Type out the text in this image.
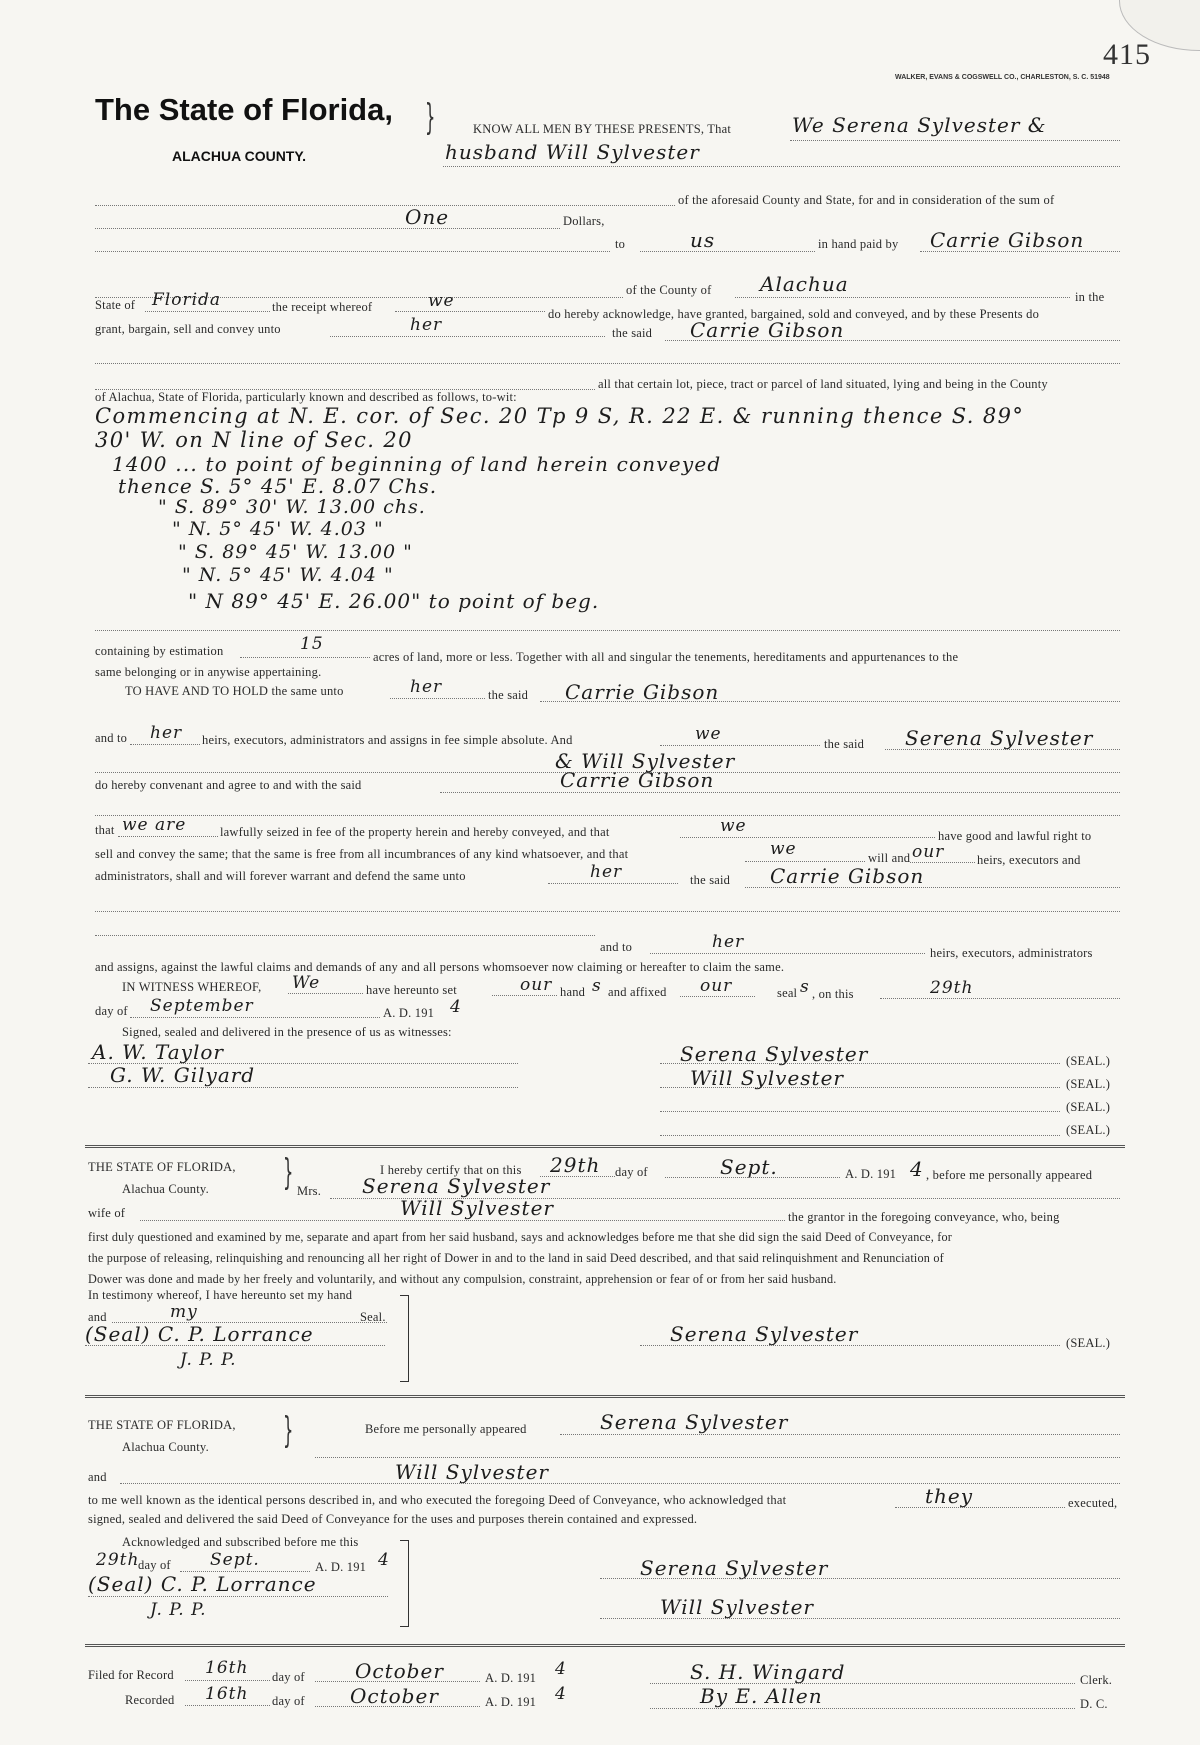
415
WALKER, EVANS & COGSWELL CO., CHARLESTON, S. C. 51948
The State of Florida,
ALACHUA COUNTY.
}	KNOW ALL MEN BY THESE PRESENTS, That	We Serena Sylvester &
husband Will Sylvester
of the aforesaid County and State, for and in consideration of the sum of
One	Dollars,
to	us	in hand paid by Carrie Gibson
of the County of Alachua
in the
State of Florida	the receipt whereof	we
do hereby acknowledge, have granted, bargained, sold and conveyed, and by these Presents do
grant, bargain, sell and convey unto	her	the said Carrie Gibson
all that certain lot, piece, tract or parcel of land situated, lying and being in the County
of Alachua, State of Florida, particularly known and described as follows, to-wit:
Commencing at N. E. cor. of Sec. 20 Tp 9 S, R. 22 E. & running thence S. 89°
30' W. on N line of Sec. 20
1400 ... to point of beginning of land herein conveyed
thence S. 5° 45' E. 8.07 Chs.
" S. 89° 30' W. 13.00 chs.
" N. 5° 45' W. 4.03 "
" S. 89° 45' W. 13.00 "
" N. 5° 45' W. 4.04 "
" N 89° 45' E. 26.00" to point of beg.
containing by estimation	15
acres of land, more or less. Together with all and singular the tenements, hereditaments and appurtenances to the
same belonging or in anywise appertaining.
TO HAVE AND TO HOLD the same unto	her	the said Carrie Gibson
and to her heirs, executors, administrators and assigns in fee simple absolute. And	we	the said Serena Sylvester
& Will Sylvester
do hereby convenant and agree to and with the said	Carrie Gibson
that we are	lawfully seized in fee of the property herein and hereby conveyed, and that	we	have good and lawful right to
sell and convey the same; that the same is free from all incumbrances of any kind whatsoever, and that	we	will and our	heirs, executors and
administrators, shall and will forever warrant and defend the same unto	her	the said Carrie Gibson
and to	her
heirs, executors, administrators
and assigns, against the lawful claims and demands of any and all persons whomsoever now claiming or hereafter to claim the same.
IN WITNESS WHEREOF, We	have hereunto set	our hand s and affixed our	seal s , on this	29th
day of September	A. D. 191 4
Signed, sealed and delivered in the presence of us as witnesses:
A. W. Taylor
G. W. Gilyard
Serena Sylvester	(SEAL.)
Will Sylvester	(SEAL.)
(SEAL.)
(SEAL.)
THE STATE OF FLORIDA,
Alachua County. }	I hereby certify that on this 29th day of	Sept.	A. D. 191 4 , before me personally appeared
Mrs. Serena Sylvester
wife of	Will Sylvester	the grantor in the foregoing conveyance, who, being
first duly questioned and examined by me, separate and apart from her said husband, says and acknowledges before me that she did sign the said Deed of Conveyance, for
the purpose of releasing, relinquishing and renouncing all her right of Dower in and to the land in said Deed described, and that said relinquishment and Renunciation of
Dower was done and made by her freely and voluntarily, and without any compulsion, constraint, apprehension or fear of or from her said husband.
In testimony whereof, I have hereunto set my hand
and	my	Seal.
(Seal) C. P. Lorrance
J. P. P.
Serena Sylvester	(SEAL.)
THE STATE OF FLORIDA,
Alachua County. }	Before me personally appeared	Serena Sylvester
and	Will Sylvester
to me well known as the identical persons described in, and who executed the foregoing Deed of Conveyance, who acknowledged that	they	executed,
signed, sealed and delivered the said Deed of Conveyance for the uses and purposes therein contained and expressed.
Acknowledged and subscribed before me this
29th
day of Sept.	A. D. 191 4
(Seal) C. P. Lorrance
J. P. P.
Serena Sylvester
Will Sylvester
Filed for Record 16th day of	October	A. D. 191 4	S. H. Wingard	Clerk.
Recorded 16th day of October	A. D. 191 4	By E. Allen	D. C.
